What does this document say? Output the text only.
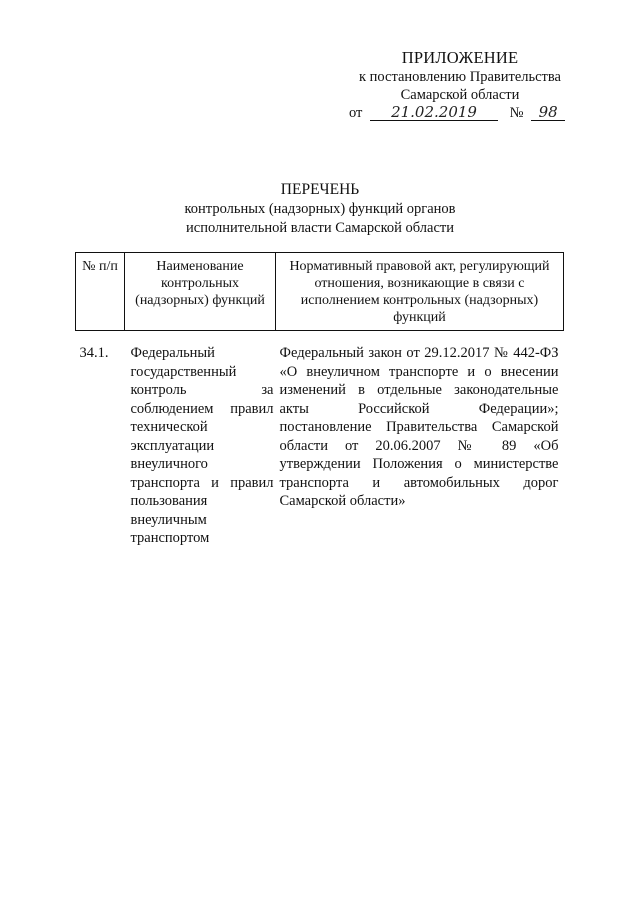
ПРИЛОЖЕНИЕ
к постановлению Правительства
Самарской области
от 21.02.2019 № 98
ПЕРЕЧЕНЬ
контрольных (надзорных) функций органов
исполнительной власти Самарской области
№ п/п	Наименование контрольных (надзорных) функций	Нормативный правовой акт, регулирующий отношения, возникающие в связи с исполнением контрольных (надзорных) функций

34.1.	Федеральный государственный контроль за соблюдением правил технической эксплуатации внеуличного транспорта и правил пользования внеуличным транспортом	Федеральный закон от 29.12.2017 № 442-ФЗ «О внеуличном транспорте и о внесении изменений в отдельные законодательные акты Российской Федерации»; постановление Правительства Самарской области от 20.06.2007 № 89 «Об утверждении Положения о министерстве транспорта и автомобильных дорог Самарской области»
